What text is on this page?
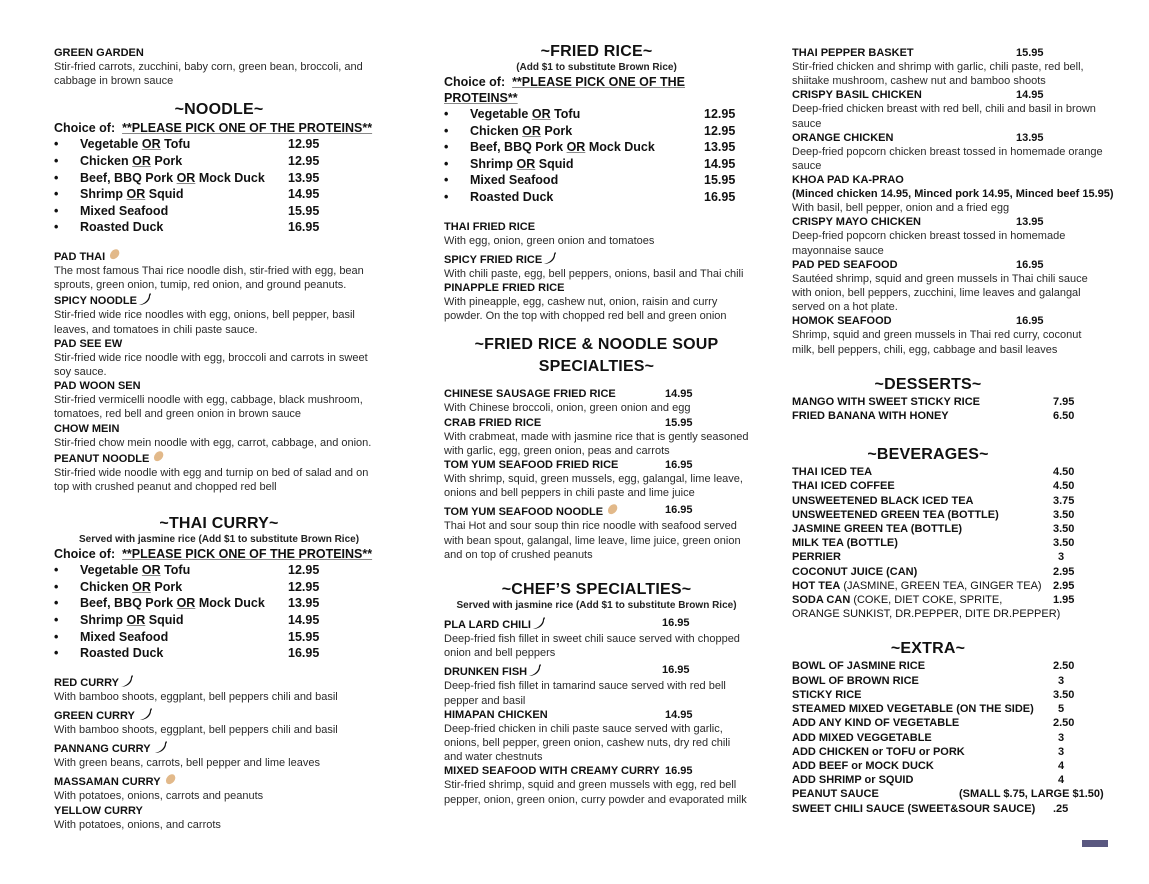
GREEN GARDEN
Stir-fried carrots, zucchini, baby corn, green bean, broccoli, and cabbage in brown sauce
~NOODLE~
Choice of: **PLEASE PICK ONE OF THE PROTEINS**
• Vegetable OR Tofu	12.95
• Chicken OR Pork	12.95
• Beef, BBQ Pork OR Mock Duck 13.95
• Shrimp OR Squid	14.95
• Mixed Seafood	15.95
• Roasted Duck	16.95
PAD THAI
The most famous Thai rice noodle dish, stir-fried with egg, bean sprouts, green onion, tumip, red onion, and ground peanuts.
SPICY NOODLE
Stir-fried wide rice noodles with egg, onions, bell pepper, basil leaves, and tomatoes in chili paste sauce.
PAD SEE EW
Stir-fried wide rice noodle with egg, broccoli and carrots in sweet soy sauce.
PAD WOON SEN
Stir-fried vermicelli noodle with egg, cabbage, black mushroom, tomatoes, red bell and green onion in brown sauce
CHOW MEIN
Stir-fried chow mein noodle with egg, carrot, cabbage, and onion.
PEANUT NOODLE
Stir-fried wide noodle with egg and turnip on bed of salad and on top with crushed peanut and chopped red bell
~THAI CURRY~
Served with jasmine rice (Add $1 to substitute Brown Rice)
Choice of: **PLEASE PICK ONE OF THE PROTEINS**
• Vegetable OR Tofu	12.95
• Chicken OR Pork	12.95
• Beef, BBQ Pork OR Mock Duck 13.95
• Shrimp OR Squid	14.95
• Mixed Seafood	15.95
• Roasted Duck	16.95
RED CURRY
With bamboo shoots, eggplant, bell peppers chili and basil
GREEN CURRY
With bamboo shoots, eggplant, bell peppers chili and basil
PANNANG CURRY
With green beans, carrots, bell pepper and lime leaves
MASSAMAN CURRY
With potatoes, onions, carrots and peanuts
YELLOW CURRY
With potatoes, onions, and carrots
~FRIED RICE~
(Add $1 to substitute Brown Rice)
Choice of: **PLEASE PICK ONE OF THE PROTEINS**
• Vegetable OR Tofu	12.95
• Chicken OR Pork	12.95
• Beef, BBQ Pork OR Mock Duck	13.95
• Shrimp OR Squid	14.95
• Mixed Seafood	15.95
• Roasted Duck	16.95
THAI FRIED RICE
With egg, onion, green onion and tomatoes
SPICY FRIED RICE
With chili paste, egg, bell peppers, onions, basil and Thai chili
PINAPPLE FRIED RICE
With pineapple, egg, cashew nut, onion, raisin and curry powder. On the top with chopped red bell and green onion
~FRIED RICE & NOODLE SOUP
SPECIALTIES~
CHINESE SAUSAGE FRIED RICE	14.95
With Chinese broccoli, onion, green onion and egg
CRAB FRIED RICE	15.95
With crabmeat, made with jasmine rice that is gently seasoned with garlic, egg, green onion, peas and carrots
TOM YUM SEAFOOD FRIED RICE	16.95
With shrimp, squid, green mussels, egg, galangal, lime leave, onions and bell peppers in chili paste and lime juice
TOM YUM SEAFOOD NOODLE	16.95
Thai Hot and sour soup thin rice noodle with seafood served with bean spout, galangal, lime leave, lime juice, green onion and on top of crushed peanuts
~CHEF’S SPECIALTIES~
Served with jasmine rice (Add $1 to substitute Brown Rice)
PLA LARD CHILI	16.95
Deep-fried fish fillet in sweet chili sauce served with chopped onion and bell peppers
DRUNKEN FISH	16.95
Deep-fried fish fillet in tamarind sauce served with red bell pepper and basil
HIMAPAN CHICKEN	14.95
Deep-fried chicken in chili paste sauce served with garlic, onions, bell pepper, green onion, cashew nuts, dry red chili and water chestnuts
MIXED SEAFOOD WITH CREAMY CURRY 16.95
Stir-fried shrimp, squid and green mussels with egg, red bell pepper, onion, green onion, curry powder and evaporated milk
THAI PEPPER BASKET	15.95
Stir-fried chicken and shrimp with garlic, chili paste, red bell, shiitake mushroom, cashew nut and bamboo shoots
CRISPY BASIL CHICKEN	14.95
Deep-fried chicken breast with red bell, chili and basil in brown sauce
ORANGE CHICKEN	13.95
Deep-fried popcorn chicken breast tossed in homemade orange sauce
KHOA PAD KA-PRAO
(Minced chicken 14.95, Minced pork 14.95, Minced beef 15.95)
With basil, bell pepper, onion and a fried egg
CRISPY MAYO CHICKEN	13.95
Deep-fried popcorn chicken breast tossed in homemade mayonnaise sauce
PAD PED SEAFOOD	16.95
Sautéed shrimp, squid and green mussels in Thai chili sauce with onion, bell peppers, zucchini, lime leaves and galangal served on a hot plate.
HOMOK SEAFOOD	16.95
Shrimp, squid and green mussels in Thai red curry, coconut milk, bell peppers, chili, egg, cabbage and basil leaves
~DESSERTS~
MANGO WITH SWEET STICKY RICE	7.95
FRIED BANANA WITH HONEY	6.50
~BEVERAGES~
THAI ICED TEA	4.50
THAI ICED COFFEE	4.50
UNSWEETENED BLACK ICED TEA	3.75
UNSWEETENED GREEN TEA (BOTTLE)	3.50
JASMINE GREEN TEA (BOTTLE)	3.50
MILK TEA (BOTTLE)	3.50
PERRIER	3
COCONUT JUICE (CAN)	2.95
HOT TEA (JASMINE, GREEN TEA, GINGER TEA) 2.95
SODA CAN (COKE, DIET COKE, SPRITE,	1.95
ORANGE SUNKIST, DR.PEPPER, DITE DR.PEPPER)
~EXTRA~
BOWL OF JASMINE RICE	2.50
BOWL OF BROWN RICE	3
STICKY RICE	3.50
STEAMED MIXED VEGETABLE (ON THE SIDE) 5
ADD ANY KIND OF VEGETABLE	2.50
ADD MIXED VEGGETABLE	3
ADD CHICKEN or TOFU or PORK	3
ADD BEEF or MOCK DUCK	4
ADD SHRIMP or SQUID	4
PEANUT SAUCE	(SMALL $.75, LARGE $1.50)
SWEET CHILI SAUCE (SWEET&SOUR SAUCE) .25
